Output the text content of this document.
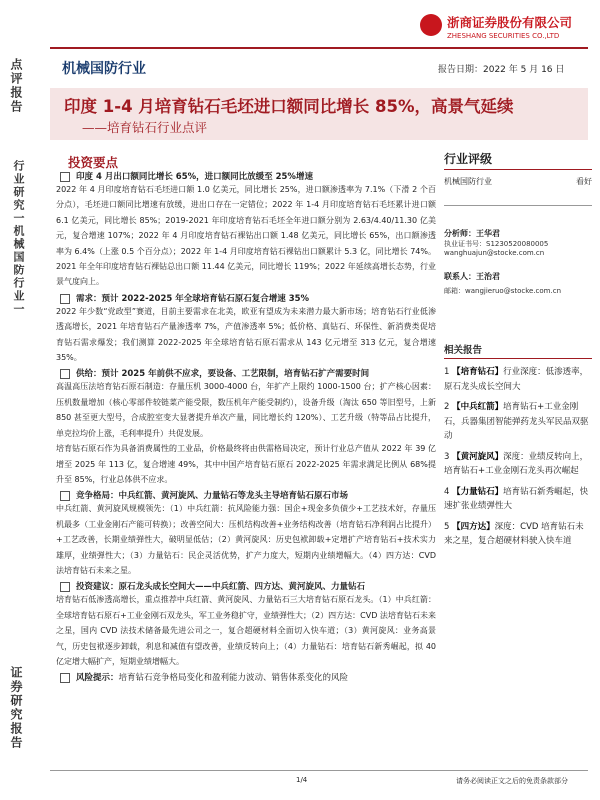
浙商证券股份有限公司
ZHESHANG SECURITIES CO.,LTD
机械国防行业	报告日期：2022 年 5 月 16 日
点评报告
行业研究一机械国防行业一
证券研究报告
印度 1-4 月培育钻石毛坯进口额同比增长 85%，高景气延续
——培育钻石行业点评
投资要点
印度 4 月出口额同比增长 65%，进口额同比放缓至 25%增速

2022 年 4 月印度培育钻石毛坯进口额 1.0 亿美元，同比增长 25%，进口额渗透率为 7.1%（下滑 2 个百分点），毛坯进口额同比增速有放缓，进出口存在一定错位；2022 年 1-4 月印度培育钻石毛坯累计进口额 6.1 亿美元，同比增长 85%；2019-2021 年印度培育钻石毛坯全年进口额分别为 2.63/4.40/11.30 亿美元，复合增速 107%；2022 年 4 月印度培育钻石裸钻出口额 1.48 亿美元，同比增长 65%，出口额渗透率为 6.4%（上涨 0.5 个百分点）；2022 年 1-4 月印度培育钻石裸钻出口额累计 5.3 亿，同比增长 74%。2021 年全年印度培育钻石裸钻总出口额 11.44 亿美元，同比增长 119%；2022 年延续高增长态势，行业景气度向上。

需求：预计 2022-2025 年全球培育钻石原石复合增速 35%

2022 年少数“党政型”赛道，目前主要需求在北美，欧亚有望成为未来潜力最大新市场；培育钻石行业低渗透高增长，2021 年培育钻石产量渗透率 7%，产值渗透率 5%；低价格、真钻石、环保性、新消费类促培育钻石需求爆发；我们测算 2022-2025 年全球培育钻石原石需求从 143 亿元增至 313 亿元，复合增速 35%。

供给：预计 2025 年前供不应求，要设备、工艺限制，培育钻石扩产需要时间

高温高压法培育钻石原石制造：存量压机 3000-4000 台，年扩产上限约 1000-1500 台；扩产核心因素：压机数量增加（核心零部件较链菜产能受限，数压机年产能受制约），设备升级（淘汰 650 等旧型号，上新 850 甚至更大型号，合成腔室变大显著提升单次产量，同比增长约 120%）、工艺升级（特等品占比提升，单克拉均价上涨，毛利率提升）共促发展。

培育钻石原石作为具备消费属性的工业品，价格最终将由供需格局决定，预计行业总产值从 2022 年 39 亿增至 2025 年 113 亿，复合增速 49%，其中中国产培育钻石原石 2022-2025 年需求满足比例从 68%提升至 85%，行业总体供不应求。

竞争格局：中兵红箭、黄河旋风、力量钻石等龙头主导培育钻石原石市场

中兵红箭、黄河旋风规模领先：（1）中兵红箭：抗风险能力强：国企+现金多负债少+工艺技术好，存量压机最多（工业金刚石产能可转换）；改善空间大：压机结构改善+业务结构改善（培育钻石净利润占比提升）+工艺改善，长期业绩弹性大，破明显低估；（2）黄河旋风：历史包袱卸载+定增扩产培育钻石+技术实力雄厚，业绩弹性大；（3）力量钻石：民企灵活优势，扩产力度大，短期内业绩增幅大。（4）四方达：CVD 法培育钻石未来之星。

投资建议：原石龙头成长空间大——中兵红箭、四方达、黄河旋风、力量钻石

培育钻石低渗透高增长，重点推荐中兵红箭、黄河旋风、力量钻石三大培育钻石原石龙头。（1）中兵红箭：全球培育钻石原石+工业金刚石双龙头，军工业务稳扩守，业绩弹性大；（2）四方达：CVD 法培育钻石未来之星，国内 CVD 法技术储备最先进公司之一，复合超硬材料全面切入快车道；（3）黄河旋风：业务高景气，历史包袱逐步卸载，利息和减值有望改善，业绩反转向上；（4）力量钻石：培育钻石新秀崛起，拟 40 亿定增大幅扩产，短期业绩增幅大。

风险提示： 培育钻石竞争格局变化和盈利能力波动、销售体系变化的风险
行业评级
机械国防行业	看好
分析师：王华君
执业证书号：S1230520080005
wanghuajun@stocke.com.cn
联系人：王治君
邮箱：wangjieruo@stocke.com.cn
相关报告
1 【培育钻石】行业深度：低渗透率，原石龙头成长空间大
2 【中兵红箭】培育钻石+工业金刚石，兵器集团智能弹药龙头军民品双驱动
3 【黄河旋风】深度：业绩反转向上，培育钻石+工业金刚石龙头再次崛起
4 【力量钻石】培育钻石新秀崛起，快速扩张业绩弹性大
5 【四方达】深度：CVD 培育钻石未来之星，复合超硬材料驶入快车道
1/4	请务必阅读正文之后的免责条款部分
